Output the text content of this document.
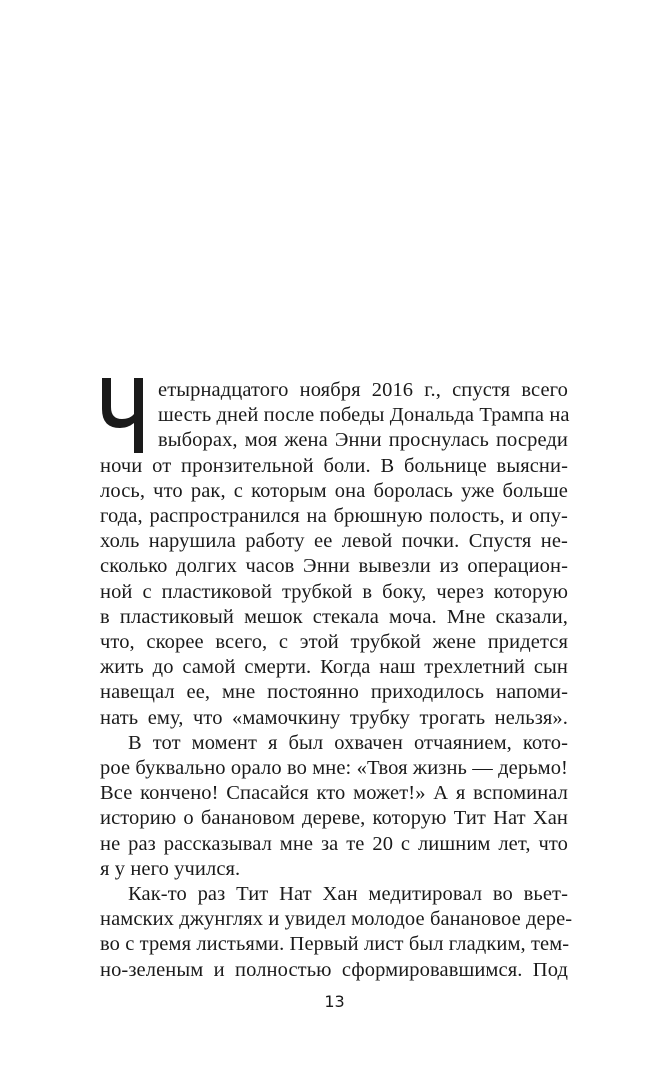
етырнадцатого ноября 2016 г., спустя всего
шесть дней после победы Дональда Трампа на
выборах, моя жена Энни проснулась посреди
ночи от пронзительной боли. В больнице выясни-
лось, что рак, с которым она боролась уже больше
года, распространился на брюшную полость, и опу-
холь нарушила работу ее левой почки. Спустя не-
сколько долгих часов Энни вывезли из операцион-
ной с пластиковой трубкой в боку, через которую
в пластиковый мешок стекала моча. Мне сказали,
что, скорее всего, с этой трубкой жене придется
жить до самой смерти. Когда наш трехлетний сын
навещал ее, мне постоянно приходилось напоми-
нать ему, что «мамочкину трубку трогать нельзя».
В тот момент я был охвачен отчаянием, кото-
рое буквально орало во мне: «Твоя жизнь — дерьмо!
Все кончено! Спасайся кто может!» А я вспоминал
историю о банановом дереве, которую Тит Нат Хан
не раз рассказывал мне за те 20 с лишним лет, что
я у него учился.
Как-то раз Тит Нат Хан медитировал во вьет-
намских джунглях и увидел молодое банановое дере-
во с тремя листьями. Первый лист был гладким, тем-
но-зеленым и полностью сформировавшимся. Под
13
